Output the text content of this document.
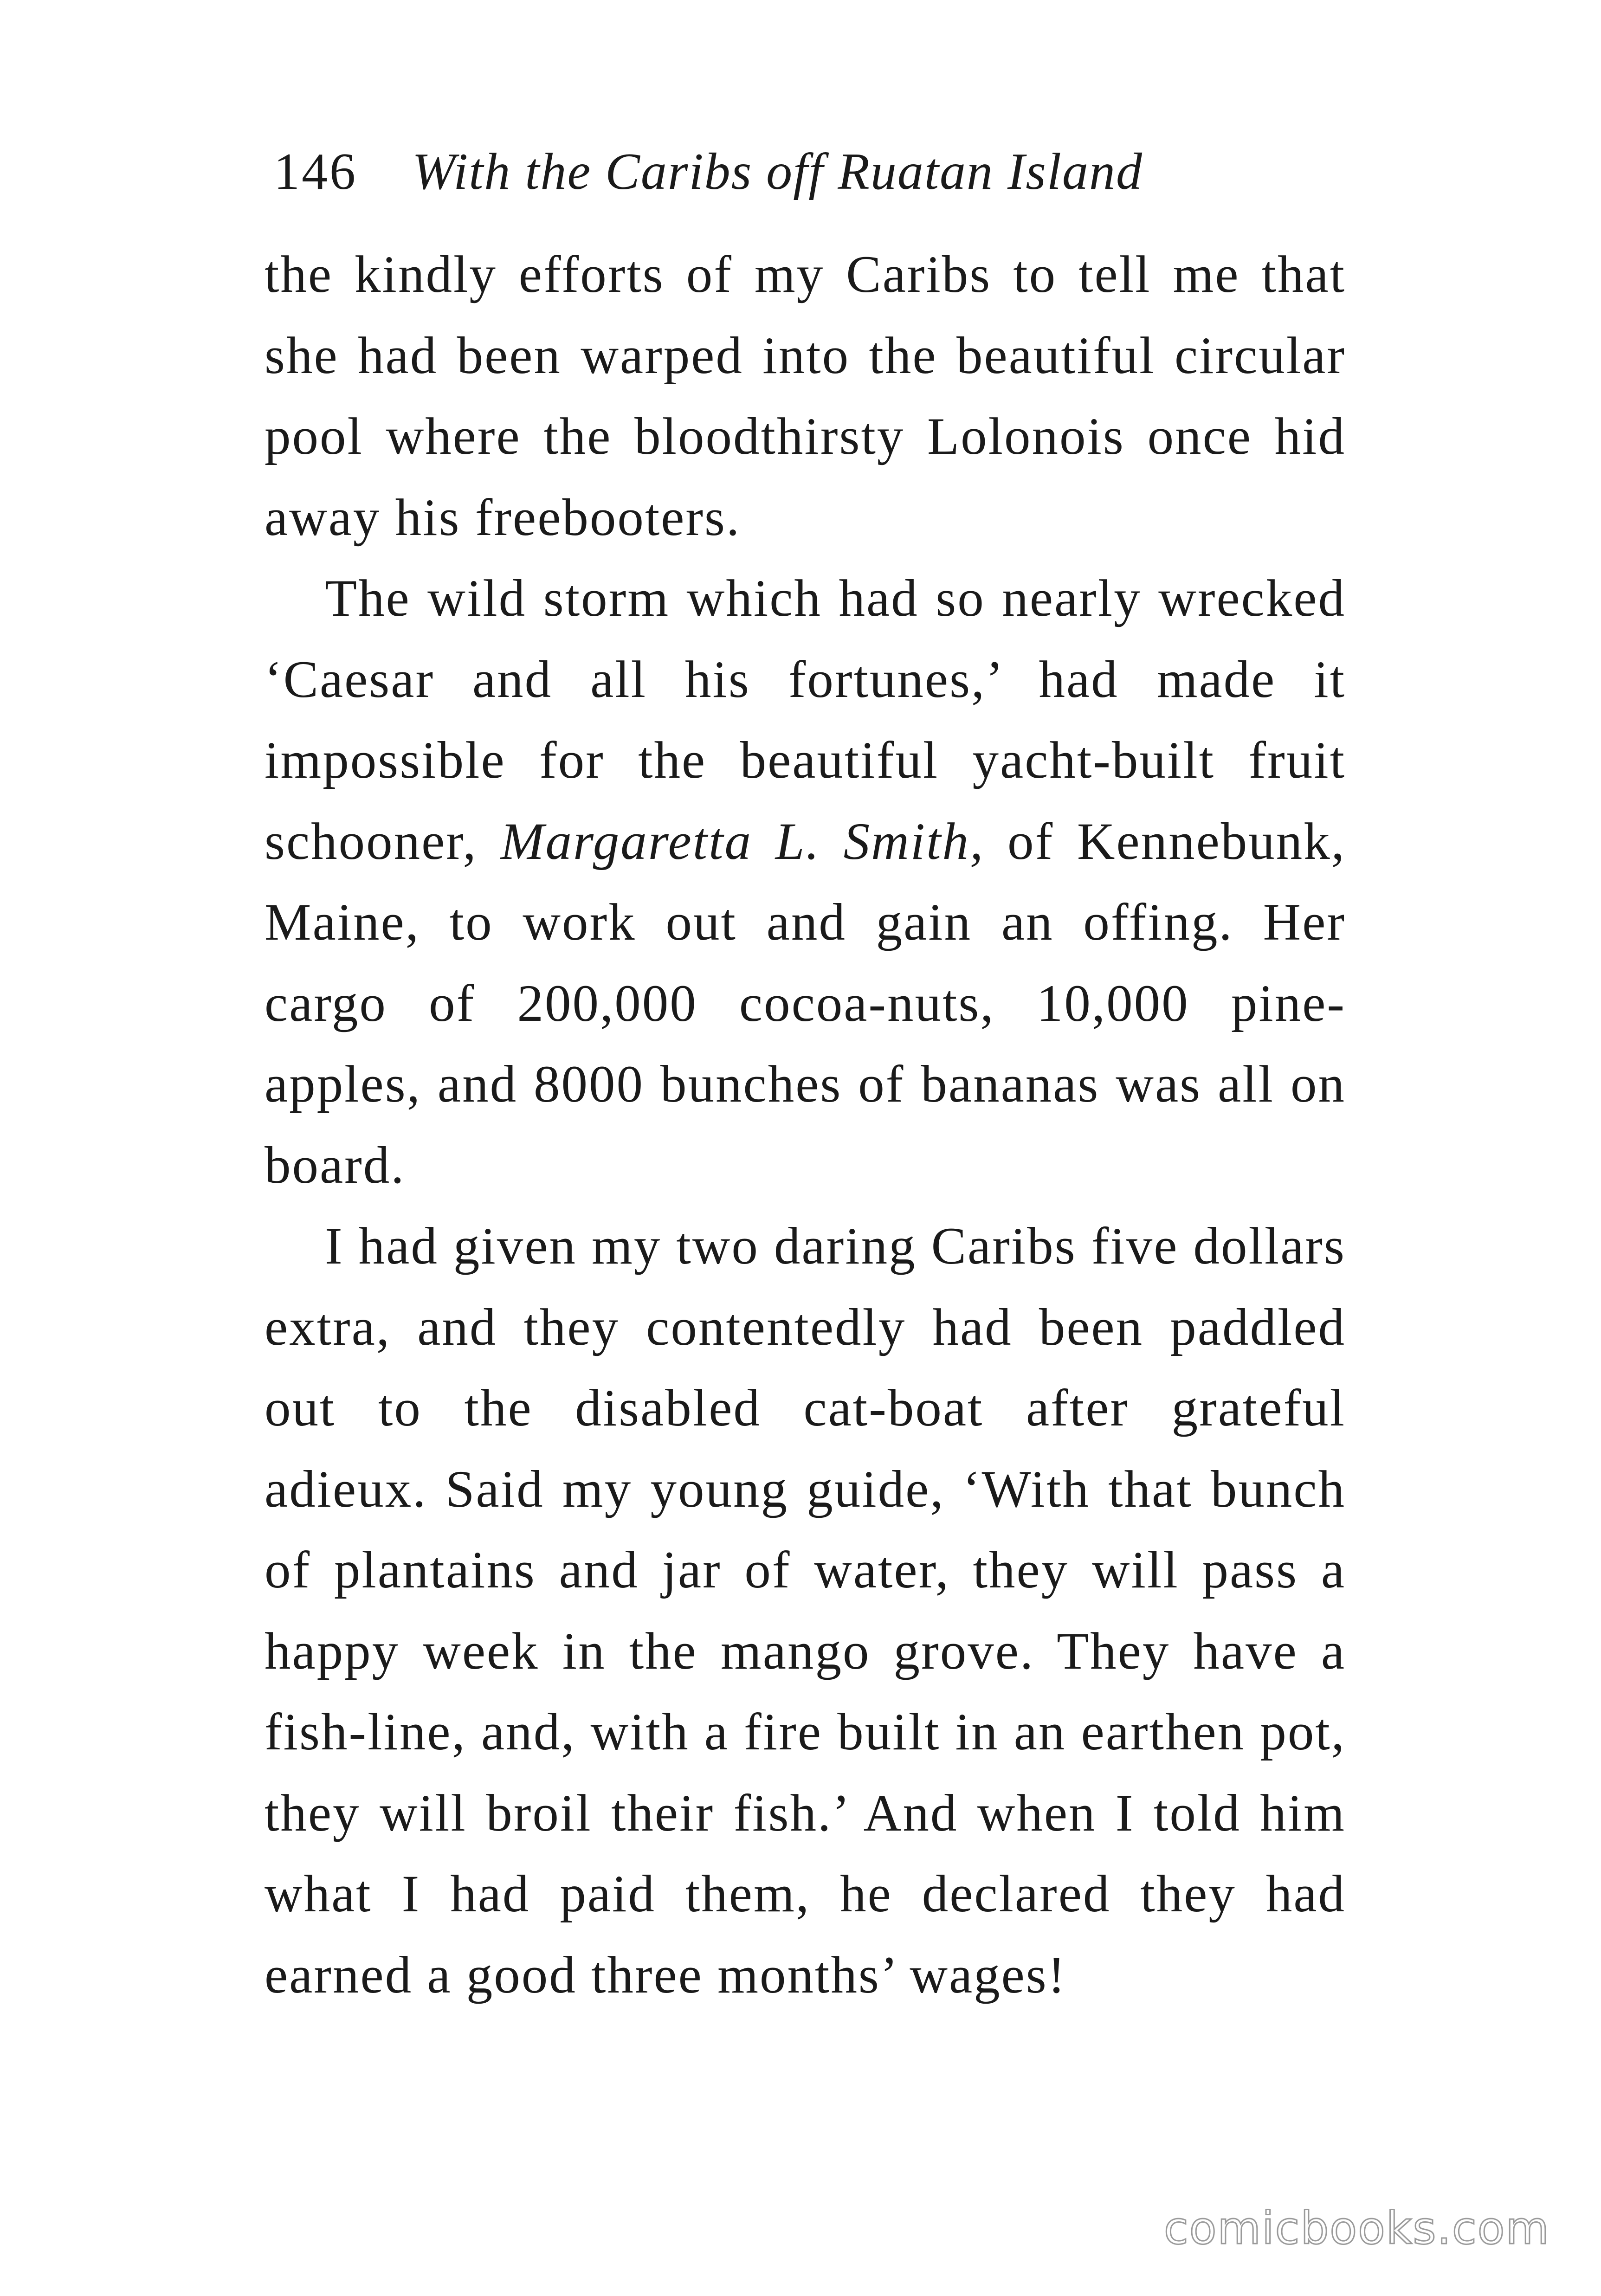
146 With the Caribs off Ruatan Island

the kindly efforts of my Caribs to tell me that she had been warped into the beautiful circular pool where the bloodthirsty Lolonois once hid away his freebooters.

The wild storm which had so nearly wrecked ‘Caesar and all his fortunes,’ had made it impossible for the beautiful yacht-built fruit schooner, Margaretta L. Smith, of Kennebunk, Maine, to work out and gain an offing. Her cargo of 200,000 cocoa-nuts, 10,000 pine-apples, and 8000 bunches of bananas was all on board.

I had given my two daring Caribs five dollars extra, and they contentedly had been paddled out to the disabled cat-boat after grateful adieux. Said my young guide, ‘With that bunch of plantains and jar of water, they will pass a happy week in the mango grove. They have a fish-line, and, with a fire built in an earthen pot, they will broil their fish.’ And when I told him what I had paid them, he declared they had earned a good three months’ wages!

comicbooks.com
